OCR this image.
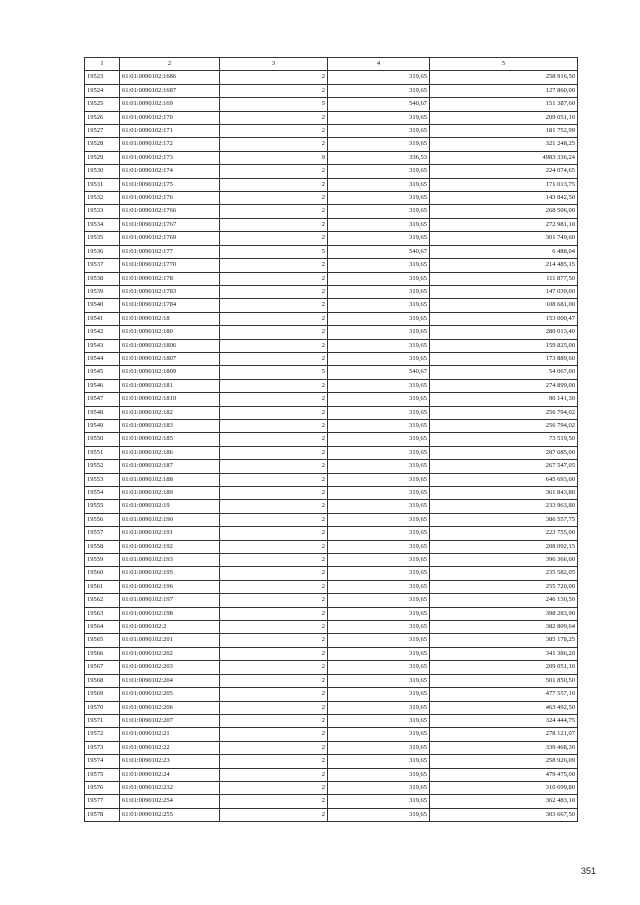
1	2	3	4	5
19523	61:01:0090102:1686	2	319,65	258 916,50
19524	61:01:0090102:1687	2	319,65	127 860,00
19525	61:01:0090102:169	5	540,67	151 387,60
19526	61:01:0090102:170	2	319,65	209 051,10
19527	61:01:0090102:171	2	319,65	181 752,99
19528	61:01:0090102:172	2	319,65	321 248,25
19529	61:01:0090102:173	9	336,53	4983 336,24
19530	61:01:0090102:174	2	319,65	224 074,65
19531	61:01:0090102:175	2	319,65	171 013,75
19532	61:01:0090102:176	2	319,65	143 842,50
19533	61:01:0090102:1766	2	319,65	268 506,00
19534	61:01:0090102:1767	2	319,65	272 981,10
19535	61:01:0090102:1769	2	319,65	301 749,60
19536	61:01:0090102:177	5	540,67	6 488,04
19537	61:01:0090102:1770	2	319,65	214 485,15
19538	61:01:0090102:178	2	319,65	111 877,50
19539	61:01:0090102:1783	2	319,65	147 039,00
19540	61:01:0090102:1784	2	319,65	108 681,00
19541	61:01:0090102:18	2	319,65	153 000,47
19542	61:01:0090102:180	2	319,65	280 013,40
19543	61:01:0090102:1806	2	319,65	159 825,00
19544	61:01:0090102:1807	2	319,65	173 889,60
19545	61:01:0090102:1809	5	540,67	54 067,00
19546	61:01:0090102:181	2	319,65	274 899,00
19547	61:01:0090102:1810	2	319,65	90 141,30
19548	61:01:0090102:182	2	319,65	256 794,02
19549	61:01:0090102:183	2	319,65	256 794,02
19550	61:01:0090102:185	2	319,65	73 519,50
19551	61:01:0090102:186	2	319,65	287 685,00
19552	61:01:0090102:187	2	319,65	267 547,05
19553	61:01:0090102:188	2	319,65	645 693,00
19554	61:01:0090102:189	2	319,65	361 843,80
19555	61:01:0090102:19	2	319,65	233 963,80
19556	61:01:0090102:190	2	319,65	386 557,75
19557	61:01:0090102:191	2	319,65	223 755,00
19558	61:01:0090102:192	2	319,65	208 092,15
19559	61:01:0090102:193	2	319,65	396 366,00
19560	61:01:0090102:195	2	319,65	235 582,05
19561	61:01:0090102:196	2	319,65	255 720,00
19562	61:01:0090102:197	2	319,65	246 130,50
19563	61:01:0090102:198	2	319,65	398 283,90
19564	61:01:0090102:2	2	319,65	382 809,64
19565	61:01:0090102:201	2	319,65	385 178,25
19566	61:01:0090102:202	2	319,65	341 386,20
19567	61:01:0090102:203	2	319,65	209 051,10
19568	61:01:0090102:204	2	319,65	501 850,50
19569	61:01:0090102:205	2	319,65	477 557,10
19570	61:01:0090102:206	2	319,65	463 492,50
19571	61:01:0090102:207	2	319,65	324 444,75
19572	61:01:0090102:21	2	319,65	278 121,07
19573	61:01:0090102:22	2	319,65	339 468,30
19574	61:01:0090102:23	2	319,65	258 926,09
19575	61:01:0090102:24	2	319,65	479 475,00
19576	61:01:0090102:232	2	319,65	310 699,80
19577	61:01:0090102:254	2	319,65	362 483,10
19578	61:01:0090102:255	2	319,65	303 667,50
351
